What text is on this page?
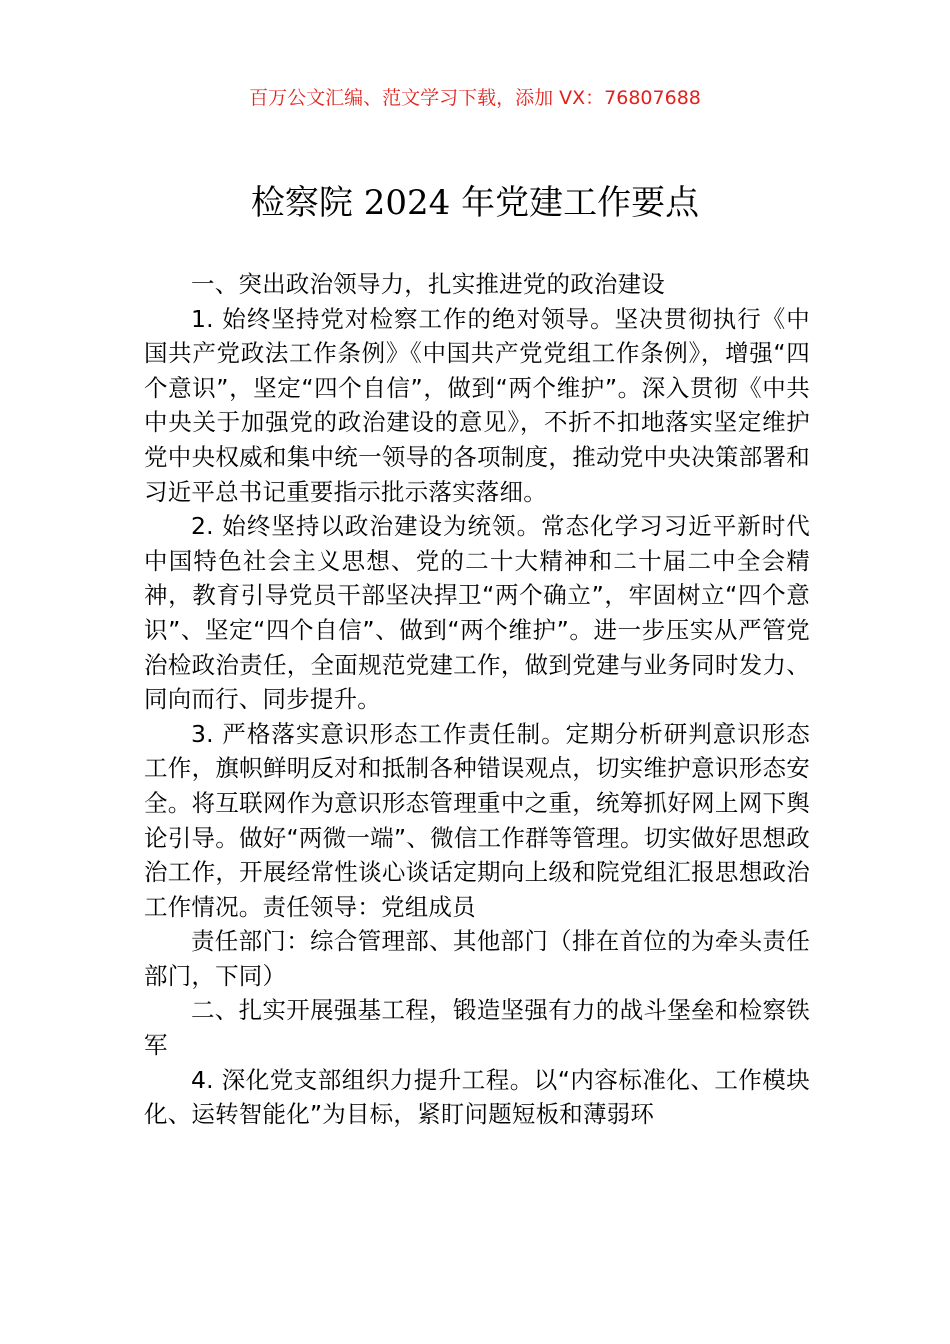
百万公文汇编、范文学习下载，添加 VX：76807688
检察院 2024 年党建工作要点

一、突出政治领导力，扎实推进党的政治建设

1. 始终坚持党对检察工作的绝对领导。坚决贯彻执行《中国共产党政法工作条例》《中国共产党党组工作条例》，增强“四个意识”，坚定“四个自信”，做到“两个维护”。深入贯彻《中共中央关于加强党的政治建设的意见》，不折不扣地落实坚定维护党中央权威和集中统一领导的各项制度，推动党中央决策部署和习近平总书记重要指示批示落实落细。

2. 始终坚持以政治建设为统领。常态化学习习近平新时代中国特色社会主义思想、党的二十大精神和二十届二中全会精神，教育引导党员干部坚决捍卫“两个确立”，牢固树立“四个意识”、坚定“四个自信”、做到“两个维护”。进一步压实从严管党治检政治责任，全面规范党建工作，做到党建与业务同时发力、同向而行、同步提升。

3. 严格落实意识形态工作责任制。定期分析研判意识形态工作，旗帜鲜明反对和抵制各种错误观点，切实维护意识形态安全。将互联网作为意识形态管理重中之重，统筹抓好网上网下舆论引导。做好“两微一端”、微信工作群等管理。切实做好思想政治工作，开展经常性谈心谈话定期向上级和院党组汇报思想政治工作情况。责任领导：党组成员

责任部门：综合管理部、其他部门（排在首位的为牵头责任部门，下同）

二、扎实开展强基工程，锻造坚强有力的战斗堡垒和检察铁军

4. 深化党支部组织力提升工程。以“内容标准化、工作模块化、运转智能化”为目标，紧盯问题短板和薄弱环
